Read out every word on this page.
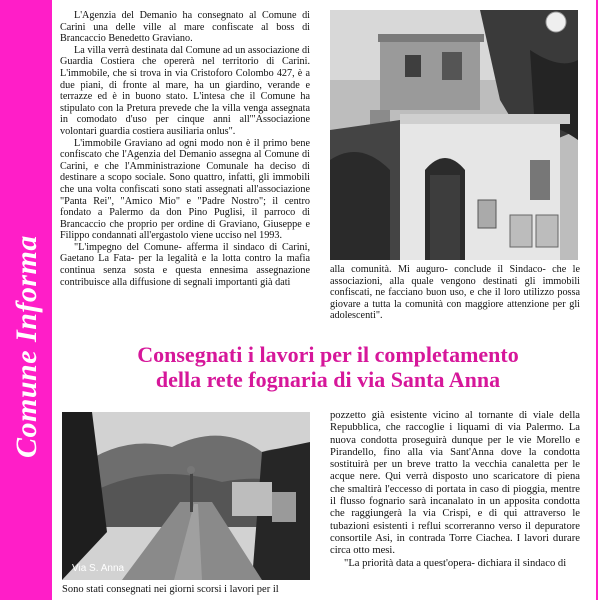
Comune Informa

L'Agenzia del Demanio ha consegnato al Comune di Carini una delle ville al mare confiscate al boss di Brancaccio Benedetto Graviano.

La villa verrà destinata dal Comune ad un associazione di Guardia Costiera che opererà nel territorio di Carini. L'immobile, che si trova in via Cristoforo Colombo 427, è a due piani, di fronte al mare, ha un giardino, verande e terrazze ed è in buono stato. L'intesa che il Comune ha stipulato con la Pretura prevede che la villa venga assegnata in comodato d'uso per cinque anni all'"Associazione volontari guardia costiera ausiliaria onlus".

L'immobile Graviano ad ogni modo non è il primo bene confiscato che l'Agenzia del Demanio assegna al Comune di Carini, e che l'Amministrazione Comunale ha deciso di destinare a scopo sociale. Sono quattro, infatti, gli immobili che una volta confiscati sono stati assegnati all'associazione "Panta Rei", "Amico Mio" e "Padre Nostro"; il centro fondato a Palermo da don Pino Puglisi, il parroco di Brancaccio che proprio per ordine di Graviano, Giuseppe e Filippo condannati all'ergastolo viene ucciso nel 1993.

"L'impegno del Comune- afferma il sindaco di Carini, Gaetano La Fata- per la legalità e la lotta contro la mafia continua senza sosta e questa ennesima assegnazione contribuisce alla diffusione di segnali importanti già dati

alla comunità. Mi auguro- conclude il Sindaco- che le associazioni, alla quale vengono destinati gli immobili confiscati, ne facciano buon uso, e che il loro utilizzo possa giovare a tutta la comunità con maggiore attenzione per gli adolescenti".

Consegnati i lavori per il completamento
della rete fognaria di via Santa Anna
Via S. Anna

Sono stati consegnati nei giorni scorsi i lavori per il

pozzetto già esistente vicino al tornante di viale della Repubblica, che raccoglie i liquami di via Palermo. La nuova condotta proseguirà dunque per le vie Morello e Pirandello, fino alla via Sant'Anna dove la condotta sostituirà per un breve tratto la vecchia canaletta per le acque nere. Qui verrà disposto uno scaricatore di piena che smaltirà l'eccesso di portata in caso di pioggia, mentre il flusso fognario sarà incanalato in un apposita condotta che raggiungerà la via Crispi, e di qui attraverso le tubazioni esistenti i reflui scorreranno verso il depuratore consortile Asi, in contrada Torre Ciachea. I lavori durare circa otto mesi.

"La priorità data a quest'opera- dichiara il sindaco di
